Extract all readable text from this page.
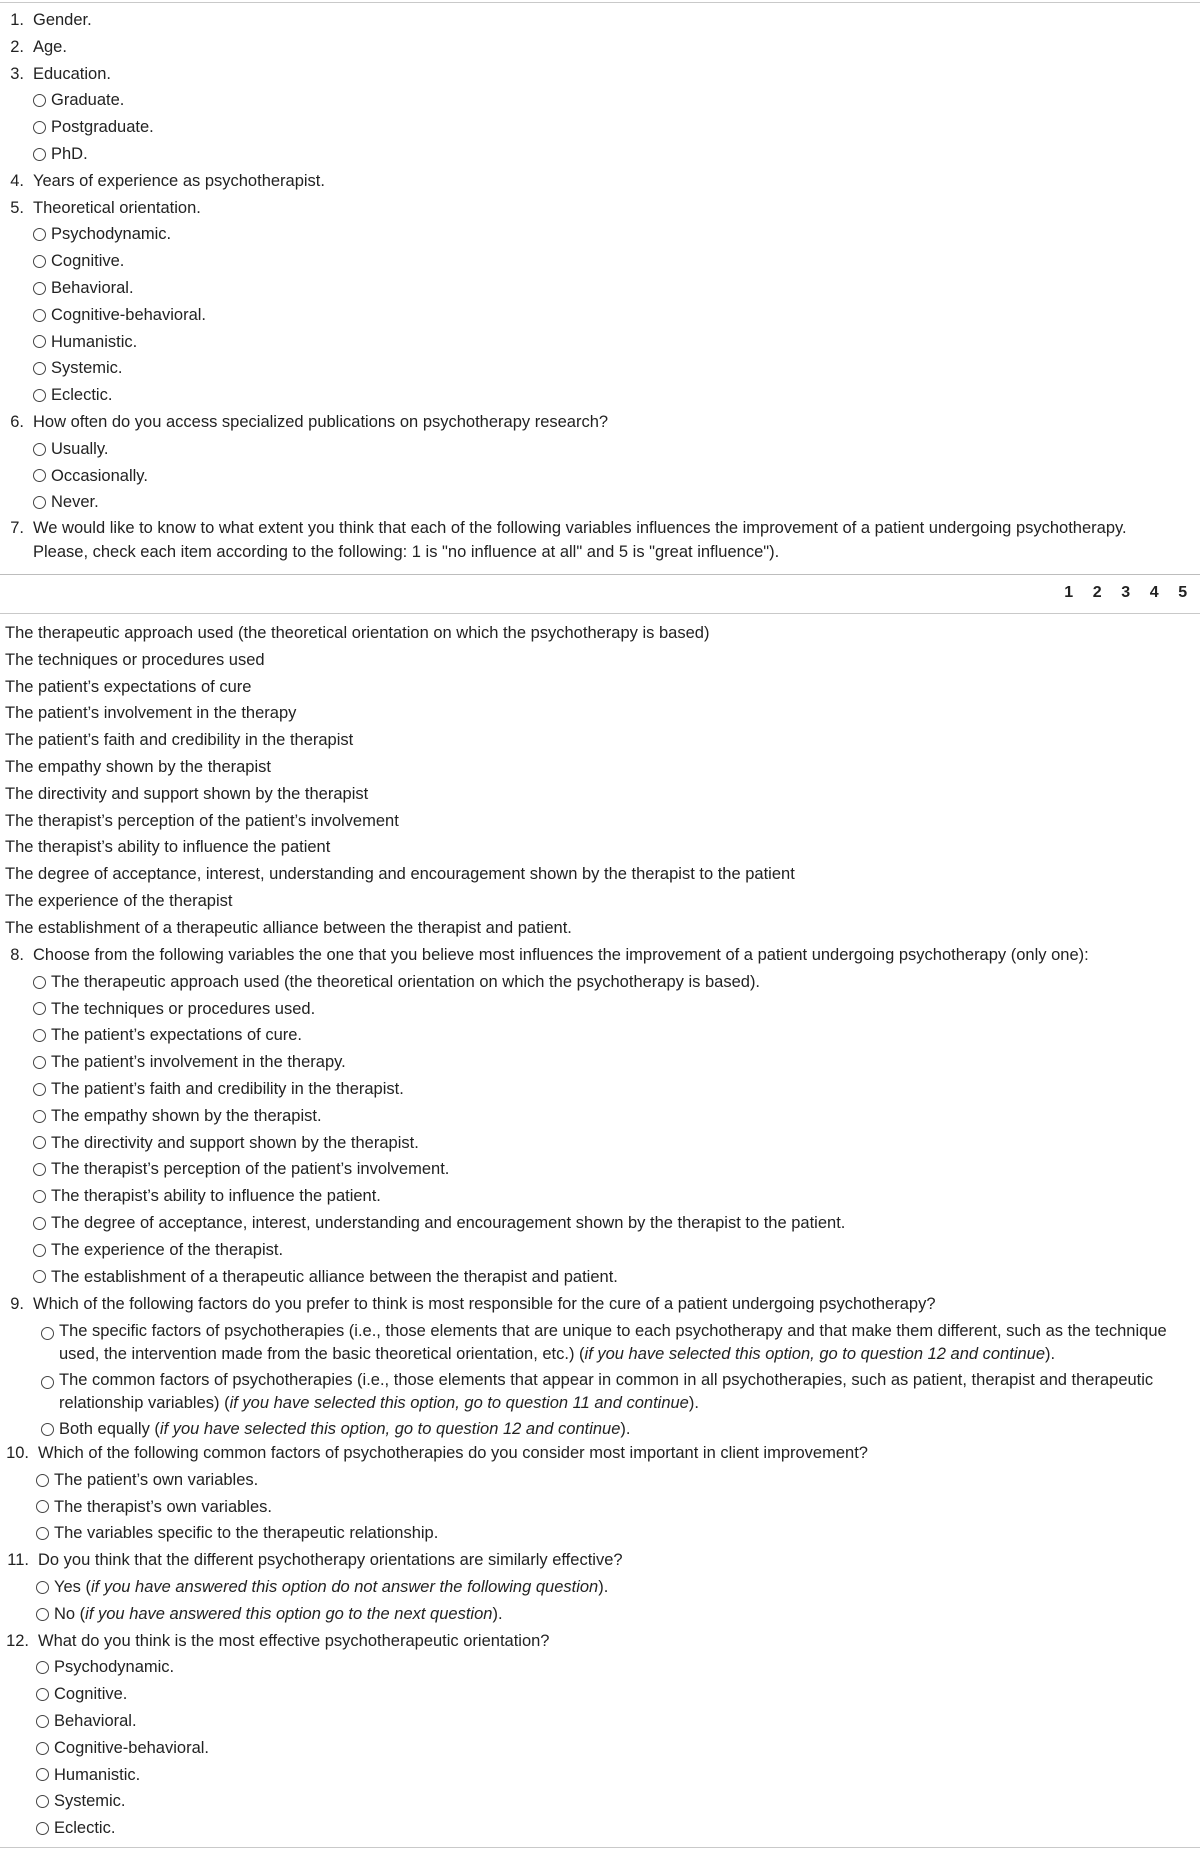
1. Gender.
2. Age.
3. Education.
Graduate.
Postgraduate.
PhD.
4. Years of experience as psychotherapist.
5. Theoretical orientation.
Psychodynamic.
Cognitive.
Behavioral.
Cognitive-behavioral.
Humanistic.
Systemic.
Eclectic.
6. How often do you access specialized publications on psychotherapy research?
Usually.
Occasionally.
Never.
7. We would like to know to what extent you think that each of the following variables influences the improvement of a patient undergoing psychotherapy. Please, check each item according to the following: 1 is "no influence at all" and 5 is "great influence").
1 2 3 4 5
The therapeutic approach used (the theoretical orientation on which the psychotherapy is based)
The techniques or procedures used
The patient’s expectations of cure
The patient’s involvement in the therapy
The patient’s faith and credibility in the therapist
The empathy shown by the therapist
The directivity and support shown by the therapist
The therapist’s perception of the patient’s involvement
The therapist’s ability to influence the patient
The degree of acceptance, interest, understanding and encouragement shown by the therapist to the patient
The experience of the therapist
The establishment of a therapeutic alliance between the therapist and patient.
8. Choose from the following variables the one that you believe most influences the improvement of a patient undergoing psychotherapy (only one):
The therapeutic approach used (the theoretical orientation on which the psychotherapy is based).
The techniques or procedures used.
The patient’s expectations of cure.
The patient’s involvement in the therapy.
The patient’s faith and credibility in the therapist.
The empathy shown by the therapist.
The directivity and support shown by the therapist.
The therapist’s perception of the patient’s involvement.
The therapist’s ability to influence the patient.
The degree of acceptance, interest, understanding and encouragement shown by the therapist to the patient.
The experience of the therapist.
The establishment of a therapeutic alliance between the therapist and patient.
9. Which of the following factors do you prefer to think is most responsible for the cure of a patient undergoing psychotherapy?
The specific factors of psychotherapies (i.e., those elements that are unique to each psychotherapy and that make them different, such as the technique used, the intervention made from the basic theoretical orientation, etc.) (if you have selected this option, go to question 12 and continue).
The common factors of psychotherapies (i.e., those elements that appear in common in all psychotherapies, such as patient, therapist and therapeutic relationship variables) (if you have selected this option, go to question 11 and continue).
Both equally (if you have selected this option, go to question 12 and continue).
10. Which of the following common factors of psychotherapies do you consider most important in client improvement?
The patient’s own variables.
The therapist’s own variables.
The variables specific to the therapeutic relationship.
11. Do you think that the different psychotherapy orientations are similarly effective?
Yes (if you have answered this option do not answer the following question).
No (if you have answered this option go to the next question).
12. What do you think is the most effective psychotherapeutic orientation?
Psychodynamic.
Cognitive.
Behavioral.
Cognitive-behavioral.
Humanistic.
Systemic.
Eclectic.
